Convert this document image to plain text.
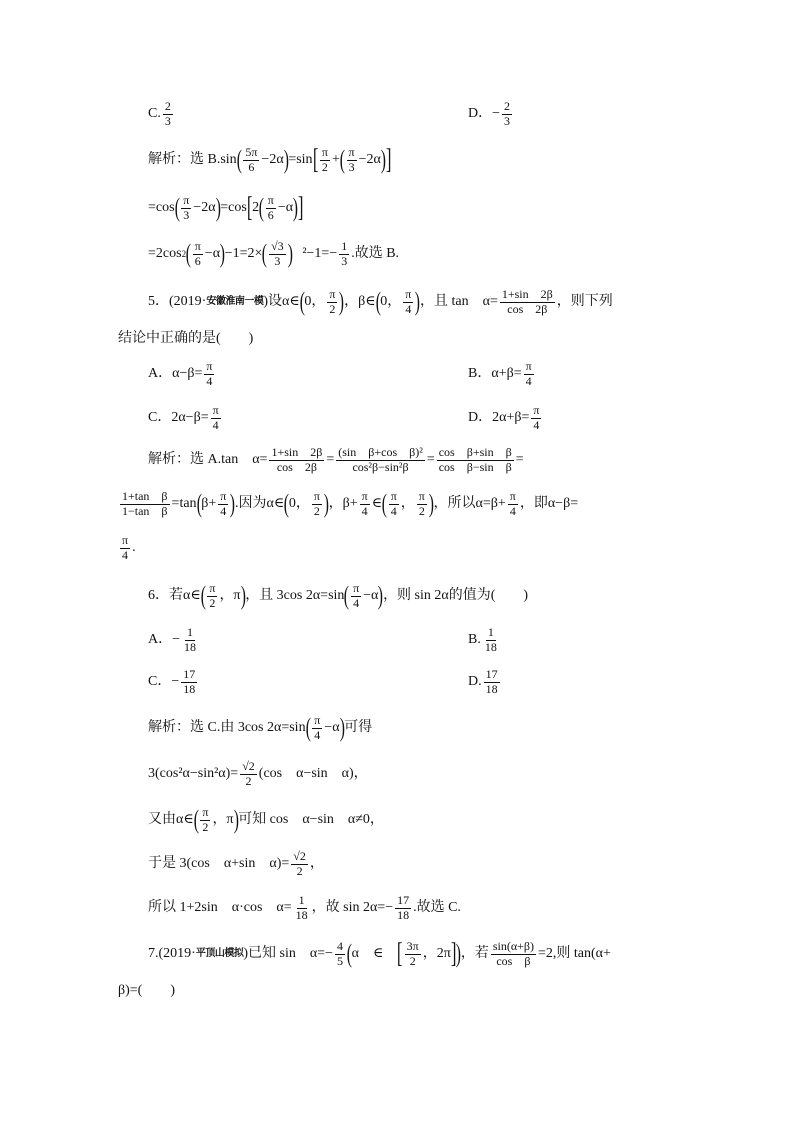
C. $\frac{2}{3}$	D．− $\frac{2}{3}$
解析：选 B.sin ( $\frac{5\pi}{6} -2\alpha$ ) =sin [ $\frac{\pi}{2}$ + ( $\frac{\pi}{3} -2\alpha$ ) ]
=cos ( $\frac{\pi}{3} -2\alpha$ ) =cos [ 2 ( $\frac{\pi}{6} -\alpha$ ) ]
=2cos 2 ( $\frac{\pi}{6} -\alpha$ ) −1=2× ( $\frac{√3}{3}$ ) $^2-1=- \frac{1}{3}$ .故选 B.
5．(2019· 安徽淮南一模 )设α∈ ( 0， $\frac{\pi}{2}$ ) ，β∈ ( 0， $\frac{\pi}{4}$ ) ，且 tan　$\alpha= \frac{1+\sin 2\beta}{\cos 2\beta}$ ，则下列
结论中正确的是(　　)
A．$\alpha-\beta= \frac{\pi}{4}$	B．$\alpha+\beta= \frac{\pi}{4}$
C．$2\alpha-\beta= \frac{\pi}{4}$	D．$2\alpha+\beta= \frac{\pi}{4}$
解析：选 A.tan　$\alpha= \frac{1+\sin 2\beta}{\cos 2\beta} = \frac{\text{(sin　β+cos　β)²}}{\text{cos²β−sin²β}} = \frac{\text{cos　β+sin　β}}{\text{cos　β−sin　β}}$ =
$\frac{\text{1+tan　β}}{\text{1−tan　β}} =\tan$ ( $\beta+ \frac{\pi}{4}$ ) .因为α∈ ( 0， $\frac{\pi}{2}$ ) ，$\beta+ \frac{\pi}{4}$ ∈ ( $\frac{\pi}{4}$ ， $\frac{\pi}{2}$ ) ，所以$\alpha=\beta+ \frac{\pi}{4}$ ，即α−β=
$\frac{\pi}{4}$ .
6．若α∈ ( $\frac{\pi}{2}$ ，π ) ，且 3cos 2α=sin ( $\frac{\pi}{4} -\alpha$ ) ，则 sin 2α的值为(　　)
A．− $\frac{1}{18}$	B. $\frac{1}{18}$
C．− $\frac{17}{18}$	D. $\frac{17}{18}$
解析：选 C.由 3cos 2α=sin ( $\frac{\pi}{4} -\alpha$ ) 可得
$3(\cos^2\alpha-\sin^2\alpha)= \frac{√2}{2} (\cos$　α−sin　α)，
又由α∈ ( $\frac{\pi}{2}$ ，π ) 可知 cos　α−sin　α≠0，
于是 3(cos　α+sin　$\alpha)= \frac{√2}{2}$ ，
所以 1+2sin　α·cos　$\alpha= \frac{1}{18}$ ，故 $\sin 2\alpha=- \frac{17}{18}$ .故选 C.
7.(2019· 平顶山模拟 )已知 sin　$\alpha=- \frac{4}{5}$ ( α　∈　 [ $\frac{3\pi}{2}$ ，2π ] ) ，若 $\frac{\sin(\alpha+\beta)}{\text{cos　β}} =2$,则 tan(α+
β)=(　　)
